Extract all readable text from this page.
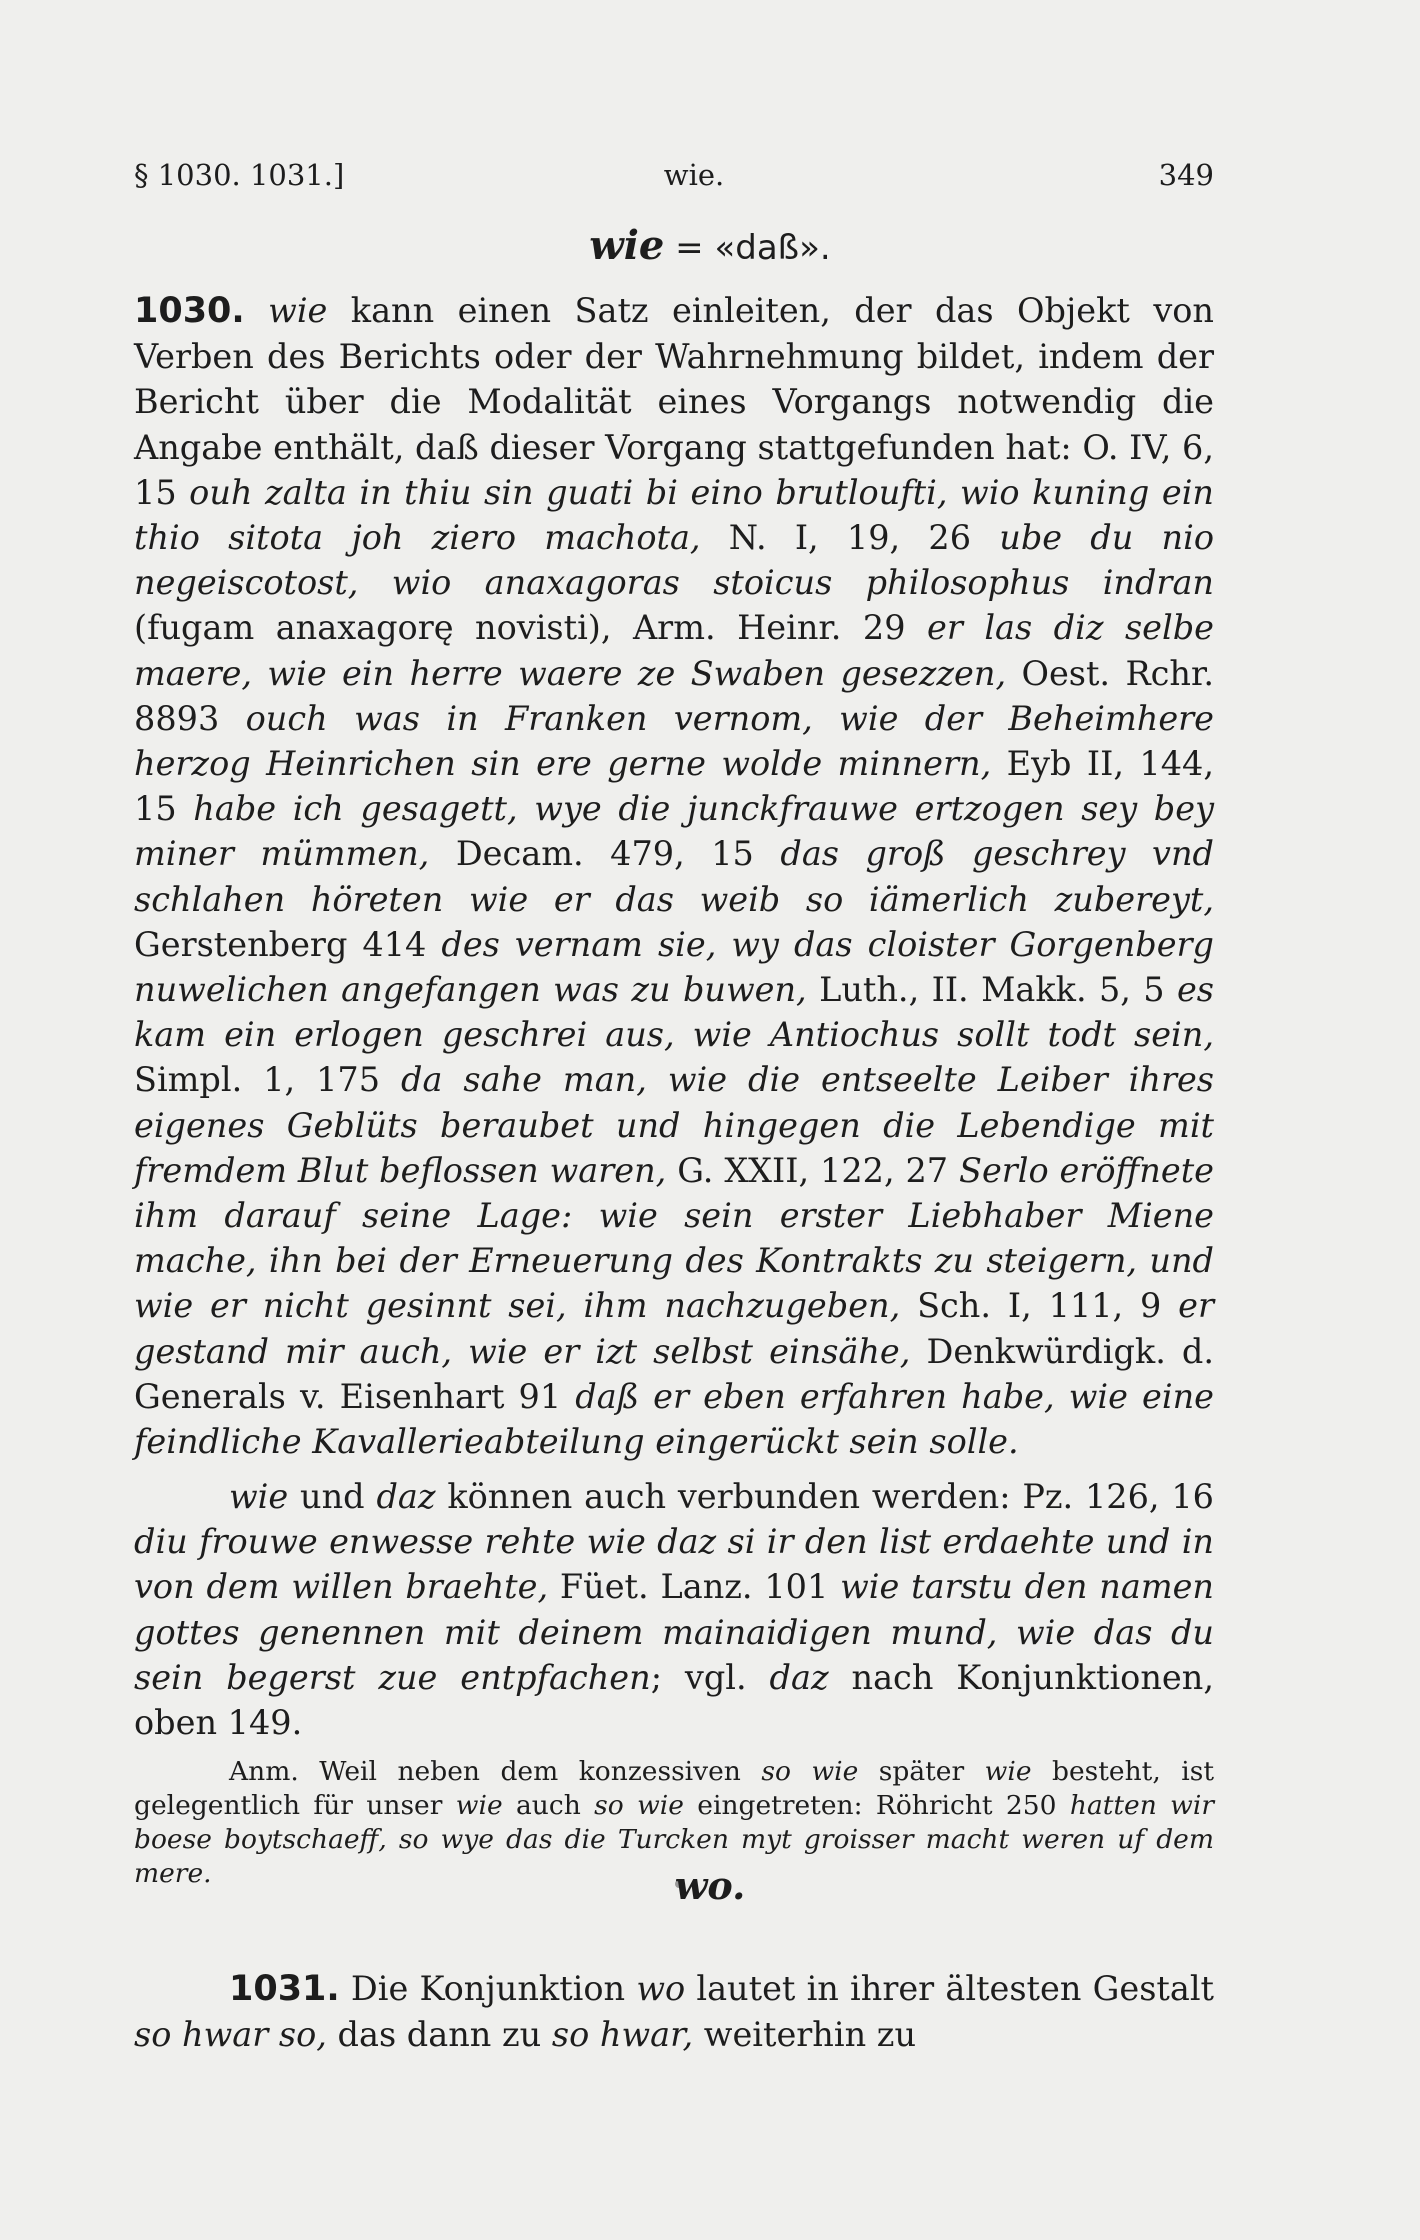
§ 1030. 1031.]	wie.	349
wie = «daß».
1030. wie kann einen Satz einleiten, der das Objekt von Verben des Berichts oder der Wahrnehmung bildet, indem der Bericht über die Modalität eines Vorgangs notwendig die Angabe enthält, daß dieser Vorgang stattgefunden hat: O. IV, 6, 15 ouh zalta in thiu sin guati bi eino brutloufti, wio kuning ein thio sitota joh ziero machota, N. I, 19, 26 ube du nio negeiscotost, wio anaxagoras stoicus philosophus indran (fugam anaxagorę novisti), Arm. Heinr. 29 er las diz selbe maere, wie ein herre waere ze Swaben gesezzen, Oest. Rchr. 8893 ouch was in Franken vernom, wie der Beheimhere herzog Heinrichen sin ere gerne wolde minnern, Eyb II, 144, 15 habe ich gesagett, wye die junckfrauwe ertzogen sey bey miner mümmen, Decam. 479, 15 das groß geschrey vnd schlahen höreten wie er das weib so iämerlich zubereyt, Gerstenberg 414 des vernam sie, wy das cloister Gorgenberg nuwelichen angefangen was zu buwen, Luth., II. Makk. 5, 5 es kam ein erlogen geschrei aus, wie Antiochus sollt todt sein, Simpl. 1, 175 da sahe man, wie die entseelte Leiber ihres eigenes Geblüts beraubet und hingegen die Lebendige mit fremdem Blut beflossen waren, G. XXII, 122, 27 Serlo eröffnete ihm darauf seine Lage: wie sein erster Liebhaber Miene mache, ihn bei der Erneuerung des Kontrakts zu steigern, und wie er nicht gesinnt sei, ihm nachzugeben, Sch. I, 111, 9 er gestand mir auch, wie er izt selbst einsähe, Denkwürdigk. d. Generals v. Eisenhart 91 daß er eben erfahren habe, wie eine feindliche Kavallerieabteilung eingerückt sein solle.
wie und daz können auch verbunden werden: Pz. 126, 16 diu frouwe enwesse rehte wie daz si ir den list erdaehte und in von dem willen braehte, Füet. Lanz. 101 wie tarstu den namen gottes genennen mit deinem mainaidigen mund, wie das du sein begerst zue entpfachen; vgl. daz nach Konjunktionen, oben 149.
Anm. Weil neben dem konzessiven so wie später wie besteht, ist gelegentlich für unser wie auch so wie eingetreten: Röhricht 250 hatten wir boese boytschaeff, so wye das die Turcken myt groisser macht weren uf dem mere.	wo.
1031. Die Konjunktion wo lautet in ihrer ältesten Gestalt so hwar so, das dann zu so hwar, weiterhin zu
